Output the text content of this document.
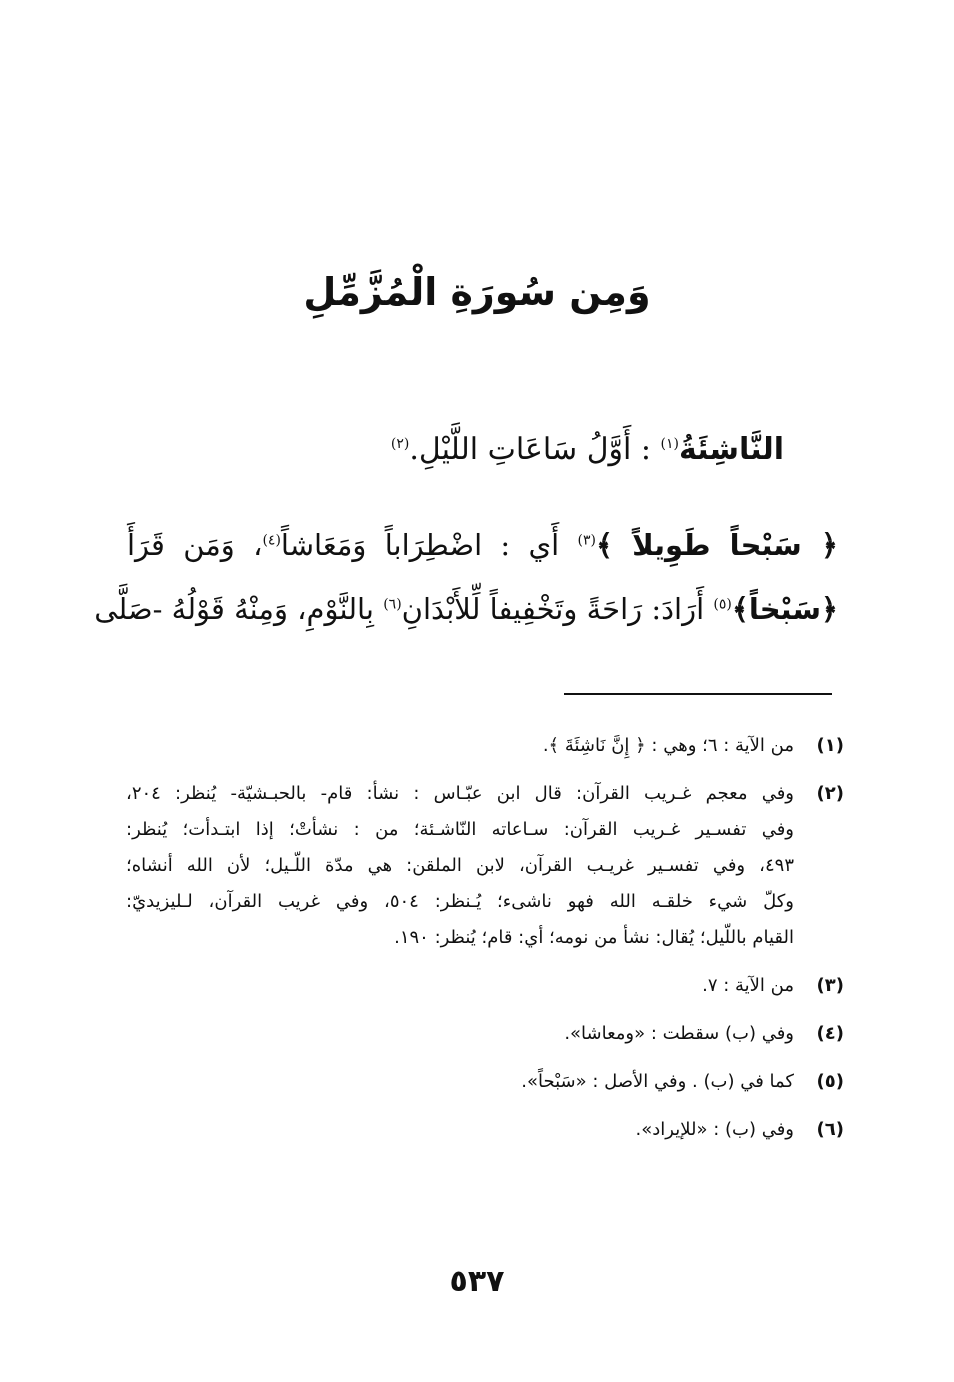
وَمِن سُورَةِ الْمُزَّمِّلِ
النَّاشِئَةُ$^{(١)}$ : أَوَّلُ سَاعَاتِ اللَّيْلِ.$^{(٢)}$
﴿ سَبْحاً طَوِيلاً ﴾$^{(٣)}$ أَي : اضْطِرَاباً وَمَعَاشاً$^{(٤)}$، وَمَن قَرَأَ
﴿سَبْخاً﴾$^{(٥)}$ أَرَادَ: رَاحَةً وتَخْفِيفاً لِّلأَبْدَانِ$^{(٦)}$ بِالنَّوْمِ، وَمِنْهُ قَوْلُهُ -صَلَّى
(١)
من الآية : ٦؛ وهي : ﴿ إِنَّ نَاشِئَةَ ﴾.
(٢)
وفي معجم غـريب القرآن: قال ابن عبّـاس : نشأ: قام- بالحبـشيّة- يُنظر: ٢٠٤،
وفي تفسـير غـريب القرآن: سـاعاته النّاشـئة؛ من : نشأتْ؛ إذا ابتـدأت؛ يُنظر:
٤٩٣، وفي تفسـير غريـب القرآن، لابن الملقن: هي مدّة اللّـيل؛ لأن الله أنشاه؛
وكلّ شيء خلقـه الله فهو ناشىء؛ يُـنظر: ٥٠٤، وفي غريب القرآن، لـليزيديّ:
القيام باللّيل؛ يُقال: نشأ من نومه؛ أي: قام؛ يُنظر: ١٩٠.
(٣)
من الآية : ٧.
(٤)
وفي (ب) سقطت : «ومعاشا».
(٥)
كما في (ب) . وفي الأصل : «سَبْحاً».
(٦)
وفي (ب) : «للإيراد».
٥٣٧
